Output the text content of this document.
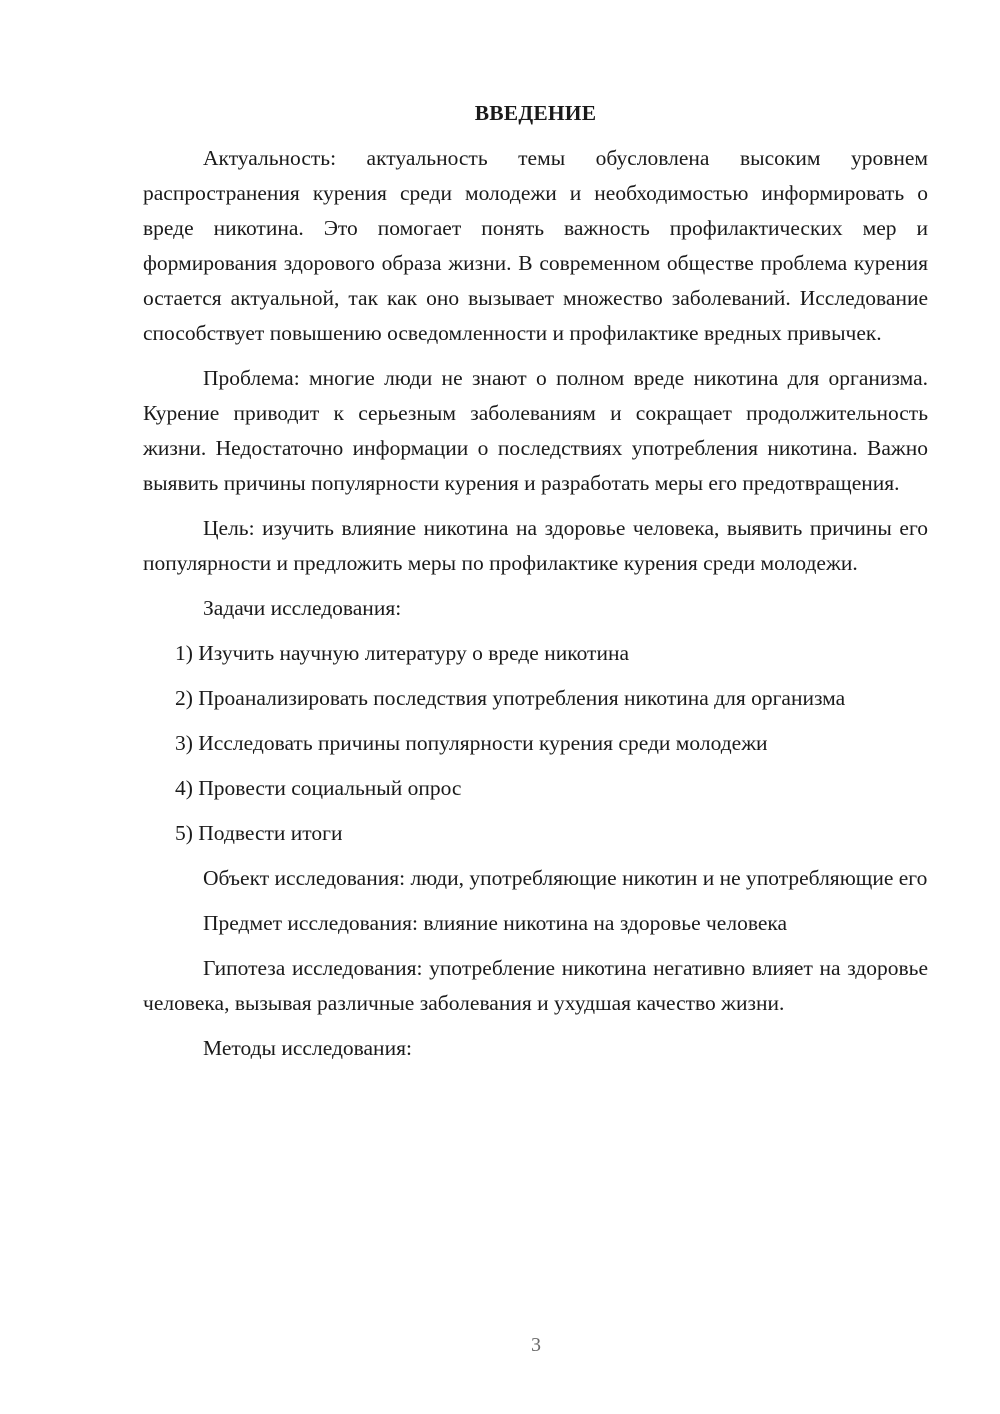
ВВЕДЕНИЕ

Актуальность: актуальность темы обусловлена высоким уровнем распространения курения среди молодежи и необходимостью информировать о вреде никотина. Это помогает понять важность профилактических мер и формирования здорового образа жизни. В современном обществе проблема курения остается актуальной, так как оно вызывает множество заболеваний. Исследование способствует повышению осведомленности и профилактике вредных привычек.

Проблема: многие люди не знают о полном вреде никотина для организма. Курение приводит к серьезным заболеваниям и сокращает продолжительность жизни. Недостаточно информации о последствиях употребления никотина. Важно выявить причины популярности курения и разработать меры его предотвращения.

Цель: изучить влияние никотина на здоровье человека, выявить причины его популярности и предложить меры по профилактике курения среди молодежи.

Задачи исследования:

1) Изучить научную литературу о вреде никотина

2) Проанализировать последствия употребления никотина для организма

3) Исследовать причины популярности курения среди молодежи

4) Провести социальный опрос

5) Подвести итоги

Объект исследования: люди, употребляющие никотин и не употребляющие его

Предмет исследования: влияние никотина на здоровье человека

Гипотеза исследования: употребление никотина негативно влияет на здоровье человека, вызывая различные заболевания и ухудшая качество жизни.

Методы исследования:

3
